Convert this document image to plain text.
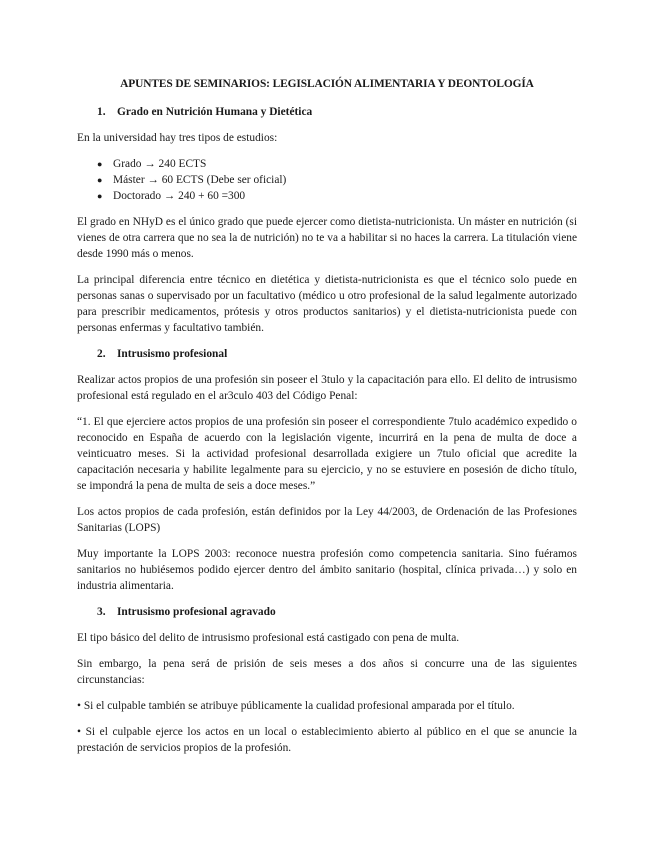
APUNTES DE SEMINARIOS: LEGISLACIÓN ALIMENTARIA Y DEONTOLOGÍA
1.	Grado en Nutrición Humana y Dietética

En la universidad hay tres tipos de estudios:

● Grado → 240 ECTS
● Máster → 60 ECTS (Debe ser oficial)
● Doctorado → 240 + 60 =300

El grado en NHyD es el único grado que puede ejercer como dietista-nutricionista. Un máster en nutrición (si vienes de otra carrera que no sea la de nutrición) no te va a habilitar si no haces la carrera. La titulación viene desde 1990 más o menos.

La principal diferencia entre técnico en dietética y dietista-nutricionista es que el técnico solo puede en personas sanas o supervisado por un facultativo (médico u otro profesional de la salud legalmente autorizado para prescribir medicamentos, prótesis y otros productos sanitarios) y el dietista-nutricionista puede con personas enfermas y facultativo también.

2.	Intrusismo profesional

Realizar actos propios de una profesión sin poseer el 3tulo y la capacitación para ello. El delito de intrusismo profesional está regulado en el ar3culo 403 del Código Penal:

“1. El que ejerciere actos propios de una profesión sin poseer el correspondiente 7tulo académico expedido o reconocido en España de acuerdo con la legislación vigente, incurrirá en la pena de multa de doce a veinticuatro meses. Si la actividad profesional desarrollada exigiere un 7tulo oficial que acredite la capacitación necesaria y habilite legalmente para su ejercicio, y no se estuviere en posesión de dicho título, se impondrá la pena de multa de seis a doce meses.”

Los actos propios de cada profesión, están definidos por la Ley 44/2003, de Ordenación de las Profesiones Sanitarias (LOPS)

Muy importante la LOPS 2003: reconoce nuestra profesión como competencia sanitaria. Sino fuéramos sanitarios no hubiésemos podido ejercer dentro del ámbito sanitario (hospital, clínica privada…) y solo en industria alimentaria.

3.	Intrusismo profesional agravado

El tipo básico del delito de intrusismo profesional está castigado con pena de multa.

Sin embargo, la pena será de prisión de seis meses a dos años si concurre una de las siguientes circunstancias:

• Si el culpable también se atribuye públicamente la cualidad profesional amparada por el título.

• Si el culpable ejerce los actos en un local o establecimiento abierto al público en el que se anuncie la prestación de servicios propios de la profesión.
